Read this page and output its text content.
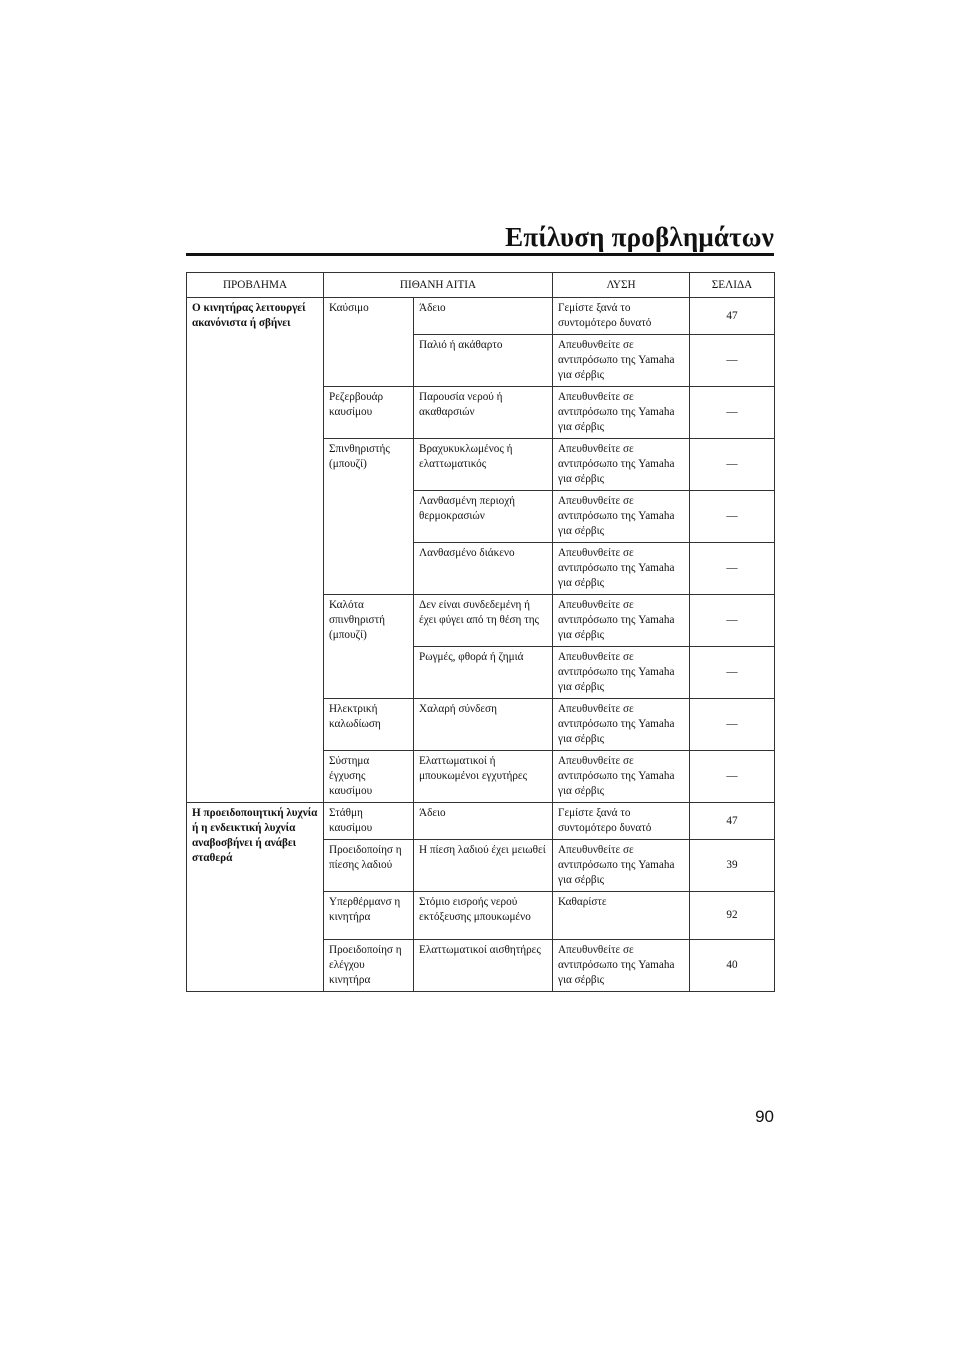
Επίλυση προβλημάτων
ΠΡΟΒΛΗΜΑ	ΠΙΘΑΝΗ ΑΙΤΙΑ		ΛΥΣΗ	ΣΕΛΙΔΑ
Ο κινητήρας λειτουργεί ακανόνιστα ή σβήνει	Καύσιμο	Άδειο	Γεμίστε ξανά το συντομότερο δυνατό	47
		Παλιό ή ακάθαρτο	Απευθυνθείτε σε αντιπρόσωπο της Yamaha για σέρβις	—
	Ρεζερβουάρ καυσίμου	Παρουσία νερού ή ακαθαρσιών	Απευθυνθείτε σε αντιπρόσωπο της Yamaha για σέρβις	—
	Σπινθηριστής (μπουζί)	Βραχυκυκλωμένος ή ελαττωματικός	Απευθυνθείτε σε αντιπρόσωπο της Yamaha για σέρβις	—
		Λανθασμένη περιοχή θερμοκρασιών	Απευθυνθείτε σε αντιπρόσωπο της Yamaha για σέρβις	—
		Λανθασμένο διάκενο	Απευθυνθείτε σε αντιπρόσωπο της Yamaha για σέρβις	—
	Καλότα σπινθηριστή (μπουζί)	Δεν είναι συνδεδεμένη ή έχει φύγει από τη θέση της	Απευθυνθείτε σε αντιπρόσωπο της Yamaha για σέρβις	—
		Ρωγμές, φθορά ή ζημιά	Απευθυνθείτε σε αντιπρόσωπο της Yamaha για σέρβις	—
	Ηλεκτρική καλωδίωση	Χαλαρή σύνδεση	Απευθυνθείτε σε αντιπρόσωπο της Yamaha για σέρβις	—
	Σύστημα έγχυσης καυσίμου	Ελαττωματικοί ή μπουκωμένοι εγχυτήρες	Απευθυνθείτε σε αντιπρόσωπο της Yamaha για σέρβις	—
Η προειδοποιητική λυχνία ή η ενδεικτική λυχνία αναβοσβήνει ή ανάβει σταθερά	Στάθμη καυσίμου	Άδειο	Γεμίστε ξανά το συντομότερο δυνατό	47
	Προειδοποίησ η πίεσης λαδιού	Η πίεση λαδιού έχει μειωθεί	Απευθυνθείτε σε αντιπρόσωπο της Yamaha για σέρβις	39
	Υπερθέρμανσ η κινητήρα	Στόμιο εισροής νερού εκτόξευσης μπουκωμένο	Καθαρίστε	92
	Προειδοποίησ η ελέγχου κινητήρα	Ελαττωματικοί αισθητήρες	Απευθυνθείτε σε αντιπρόσωπο της Yamaha για σέρβις	40
90
